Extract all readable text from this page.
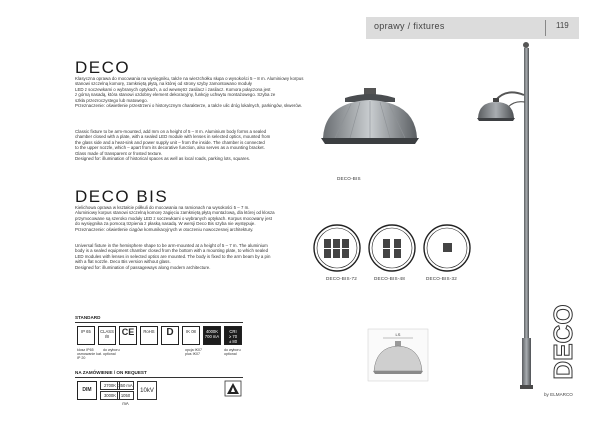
oprawy / fixtures	119
DECO
Klasyczna oprawa do mocowania na wysięgniku, także na wierzchołku słupa o wysokości 5 – 8 m. Aluminiowy korpus
stanowi szczelną komorę, zamkniętą płytą, na której od strony szyby zamontowano moduły
LED z soczewkami o wybranych optykach, a od wewnętrz zasilacz i zasilacz. Komora połączona jest
z górną nasadą, która stanowi ozdobny element dekoracyjny, funkcję uchwytu montażowego. Szyba ze
szkła przezroczystego lub matowego.
Przeznaczenie: oświetlenie przestrzeni o historycznym charakterze, a także ulic dróg lokalnych, parkingów, skwerów.
Classic fixture to be arm-mounted, add mm on a height of 5 – 8 m. Aluminium body forms a sealed
chamber closed with a plate, with a sealed LED module with lenses in selected optics, mounted from
the glass side and a heat-sink and power supply unit – from the inside. The chamber is connected
to the upper nozzle, which – apart from its decorative function, also serves as a mounting bracket.
Glass made of transparent or frosted texture.
Designed for: illumination of historical spaces as well as local roads, parking lots, squares.
DECO-BIS
DECO BIS
Kielichowa oprawa w kształcie półkuli do mocowania na ramionach na wysokości 5 – 7 m.
Aluminiowy korpus stanowi szczelną komorę zagięciu zamkniętą płytą montażową, dla której od klosza
przymocowane są szeroko moduły LED z soczewkami o wybranych optykach. Korpus mocowany jest
do wysięgnika za pomocą trzpienia z płaską nasadą. W wersji Deco Bis szyba nie występuje.
Przeznaczenie: oświetlenie ciągów komunikacyjnych w otoczeniu nowoczesnej architektury.
Universal fixture in the hemisphere shape to be arm-mounted at a height of 5 – 7 m. The aluminium
body is a sealed equipment chamber closed from the bottom with a mounting plate, to which sealed
LED modules with lenses in selected optics are mounted. The body is fixed to the arm beam by a pin
with a flat nozzle. Deco Bis version without glass.
Designed for: illumination of passageways along modern architecture.
DECO-BIS-72	DECO-BIS-48	DECO-BIS-32
DECO
by ELMARCO
STANDARD
IP 65	CLASS I/II	CE	RoHS	D	IK 08	4000K
700 mA
CRI
≥ 70
± 80
klosz IP65
osmowanie kat. IP 20
do wyboru
optional
opcja IK07
plus IK07
do wyboru
optional
NA ZAMÓWIENIE / ON REQUEST
DIM
2700K
3000K
350 mA
1050 mA
10kV
LS
